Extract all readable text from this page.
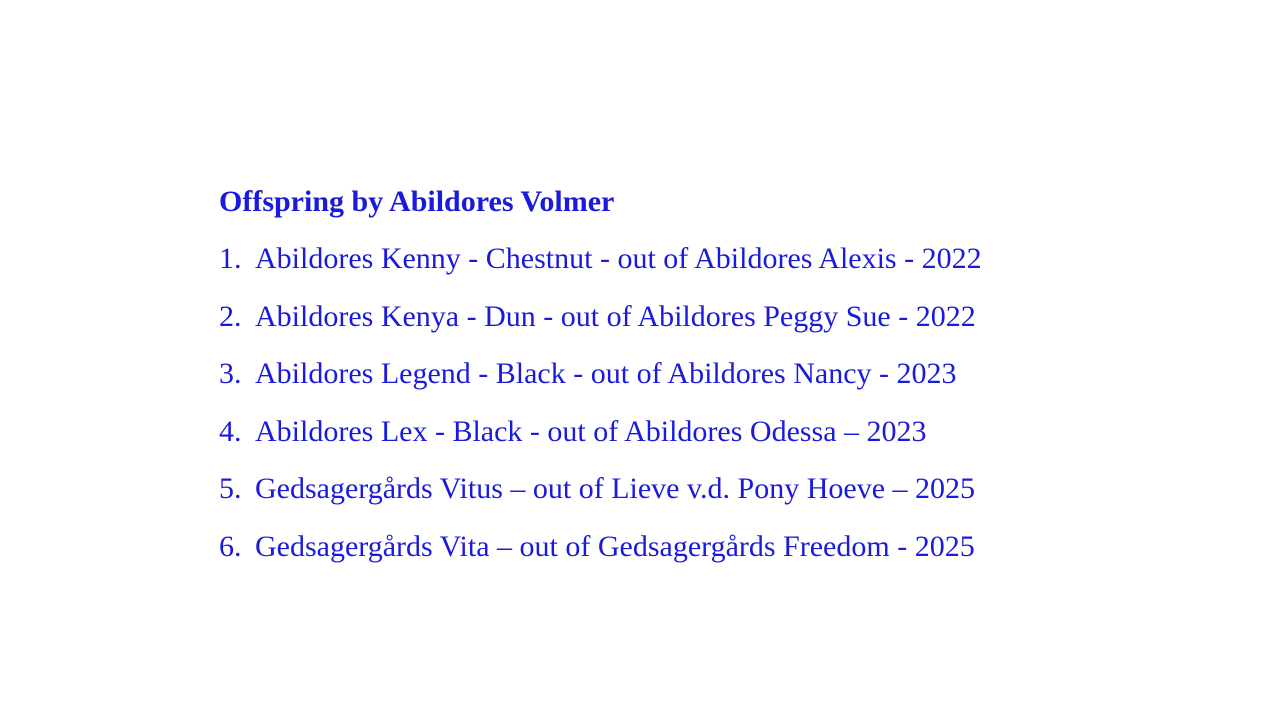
Offspring by Abildores Volmer
1. Abildores Kenny - Chestnut - out of Abildores Alexis - 2022
2. Abildores Kenya - Dun - out of Abildores Peggy Sue - 2022
3. Abildores Legend - Black - out of Abildores Nancy - 2023
4. Abildores Lex - Black - out of Abildores Odessa – 2023
5. Gedsagergårds Vitus – out of Lieve v.d. Pony Hoeve – 2025
6. Gedsagergårds Vita – out of Gedsagergårds Freedom - 2025
